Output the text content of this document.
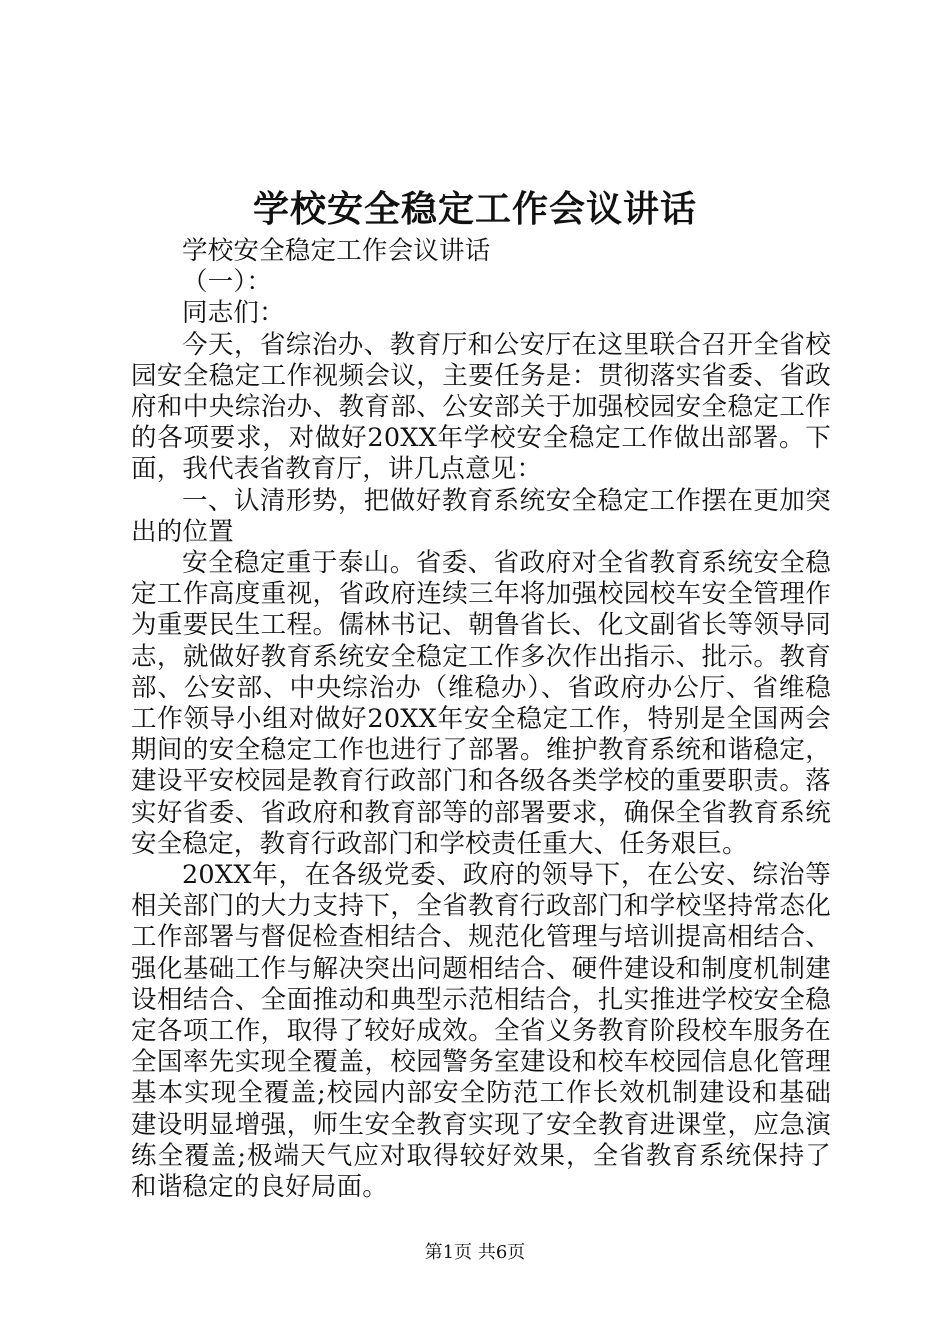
学校安全稳定工作会议讲话

学校安全稳定工作会议讲话

（一）：

同志们：

今天，省综治办、教育厅和公安厅在这里联合召开全省校园安全稳定工作视频会议，主要任务是：贯彻落实省委、省政府和中央综治办、教育部、公安部关于加强校园安全稳定工作的各项要求，对做好20XX年学校安全稳定工作做出部署。下面，我代表省教育厅，讲几点意见：

一、认清形势，把做好教育系统安全稳定工作摆在更加突出的位置

安全稳定重于泰山。省委、省政府对全省教育系统安全稳定工作高度重视，省政府连续三年将加强校园校车安全管理作为重要民生工程。儒林书记、朝鲁省长、化文副省长等领导同志，就做好教育系统安全稳定工作多次作出指示、批示。教育部、公安部、中央综治办（维稳办）、省政府办公厅、省维稳工作领导小组对做好20XX年安全稳定工作，特别是全国两会期间的安全稳定工作也进行了部署。维护教育系统和谐稳定，建设平安校园是教育行政部门和各级各类学校的重要职责。落实好省委、省政府和教育部等的部署要求，确保全省教育系统安全稳定，教育行政部门和学校责任重大、任务艰巨。

20XX年，在各级党委、政府的领导下，在公安、综治等相关部门的大力支持下，全省教育行政部门和学校坚持常态化工作部署与督促检查相结合、规范化管理与培训提高相结合、强化基础工作与解决突出问题相结合、硬件建设和制度机制建设相结合、全面推动和典型示范相结合，扎实推进学校安全稳定各项工作，取得了较好成效。全省义务教育阶段校车服务在全国率先实现全覆盖，校园警务室建设和校车校园信息化管理基本实现全覆盖;校园内部安全防范工作长效机制建设和基础建设明显增强，师生安全教育实现了安全教育进课堂，应急演练全覆盖;极端天气应对取得较好效果，全省教育系统保持了和谐稳定的良好局面。

第1页 共6页
